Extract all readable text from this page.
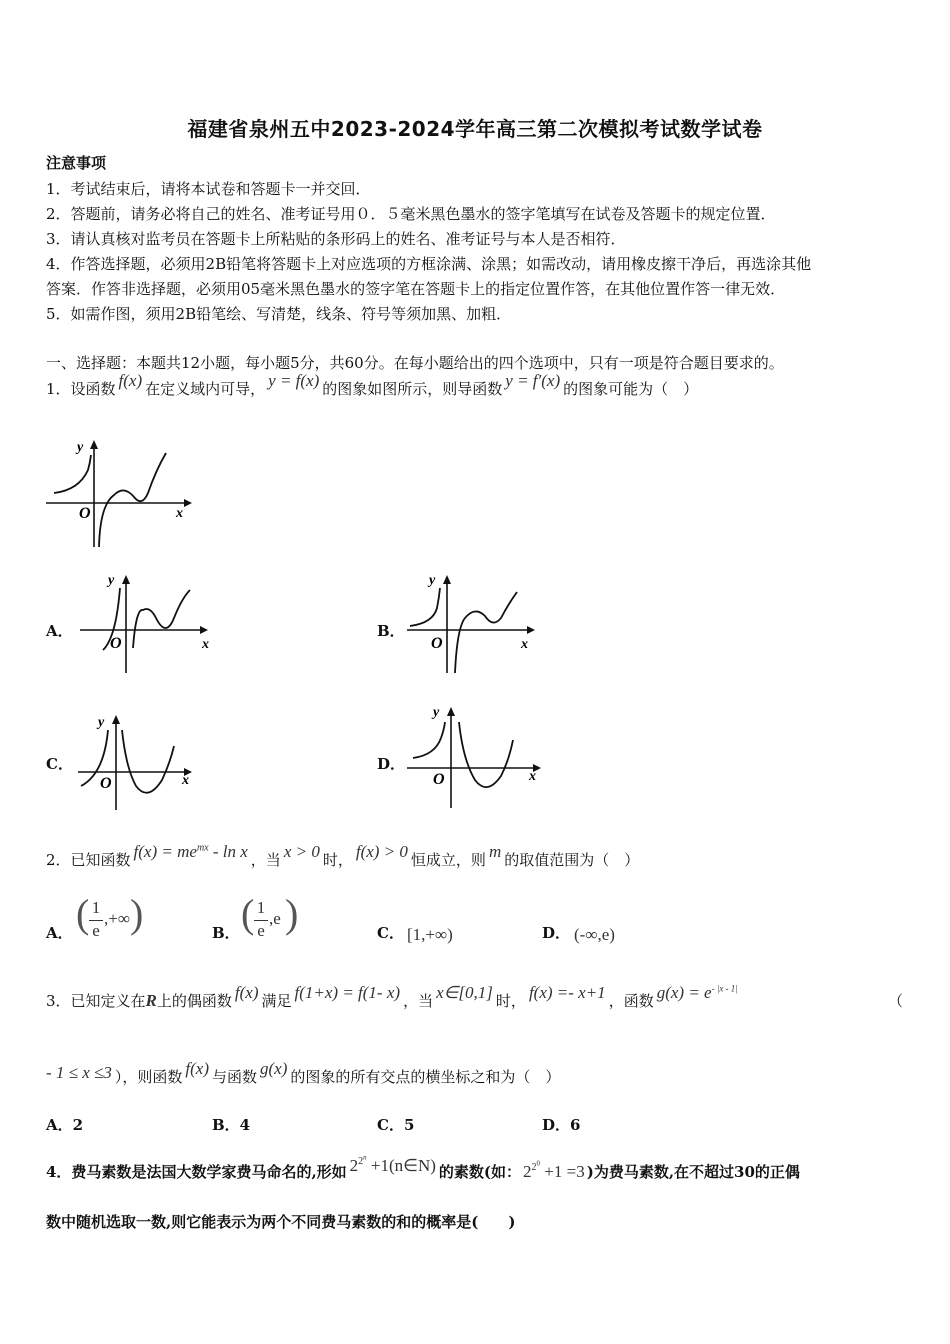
福建省泉州五中2023-2024学年高三第二次模拟考试数学试卷
注意事项
1．考试结束后，请将本试卷和答题卡一并交回．
2．答题前，请务必将自己的姓名、准考证号用０．５毫米黑色墨水的签字笔填写在试卷及答题卡的规定位置．
3．请认真核对监考员在答题卡上所粘贴的条形码上的姓名、准考证号与本人是否相符．
4．作答选择题，必须用2B铅笔将答题卡上对应选项的方框涂满、涂黑；如需改动，请用橡皮擦干净后，再选涂其他
答案．作答非选择题，必须用05毫米黑色墨水的签字笔在答题卡上的指定位置作答，在其他位置作答一律无效．
5．如需作图，须用2B铅笔绘、写清楚，线条、符号等须加黑、加粗．
一、选择题：本题共12小题，每小题5分，共60分。在每小题给出的四个选项中，只有一项是符合题目要求的。
1．设函数 f(x) 在定义域内可导， y = f(x) 的图象如图所示，则导函数 y = f′(x) 的图象可能为（　）
y
x
O
A．
y
x
O
B．
y
x
O
C．
y
x
O
D．
y
x
O
2．已知函数 $f(x) = me^{mx} - \ln x$ ，当 x > 0 时， f(x) > 0 恒成立，则 m 的取值范围为（　）
A． ( 1
e
,+∞ )	B． ( 1
e
,e )	C． [1,+∞)	D． (-∞,e)
3．已知定义在R上的偶函数 f(x) 满足 f(1+x) = f(1- x) ，当 x∈[0,1] 时， f(x) =- x+1 ，函数 $g(x) = e^{- |x - 1|}$
（
- 1 ≤ x ≤3 ），则函数 f(x) 与函数 g(x) 的图象的所有交点的横坐标之和为（　）
A．2	B．4	C．5	D．6
4．费马素数是法国大数学家费马命名的,形如 $2^{2^n}$ +1(n∈N) 的素数(如： $2^{2^0} +1 =3$ )为费马素数,在不超过30的正偶
数中随机选取一数,则它能表示为两个不同费马素数的和的概率是(　　)
